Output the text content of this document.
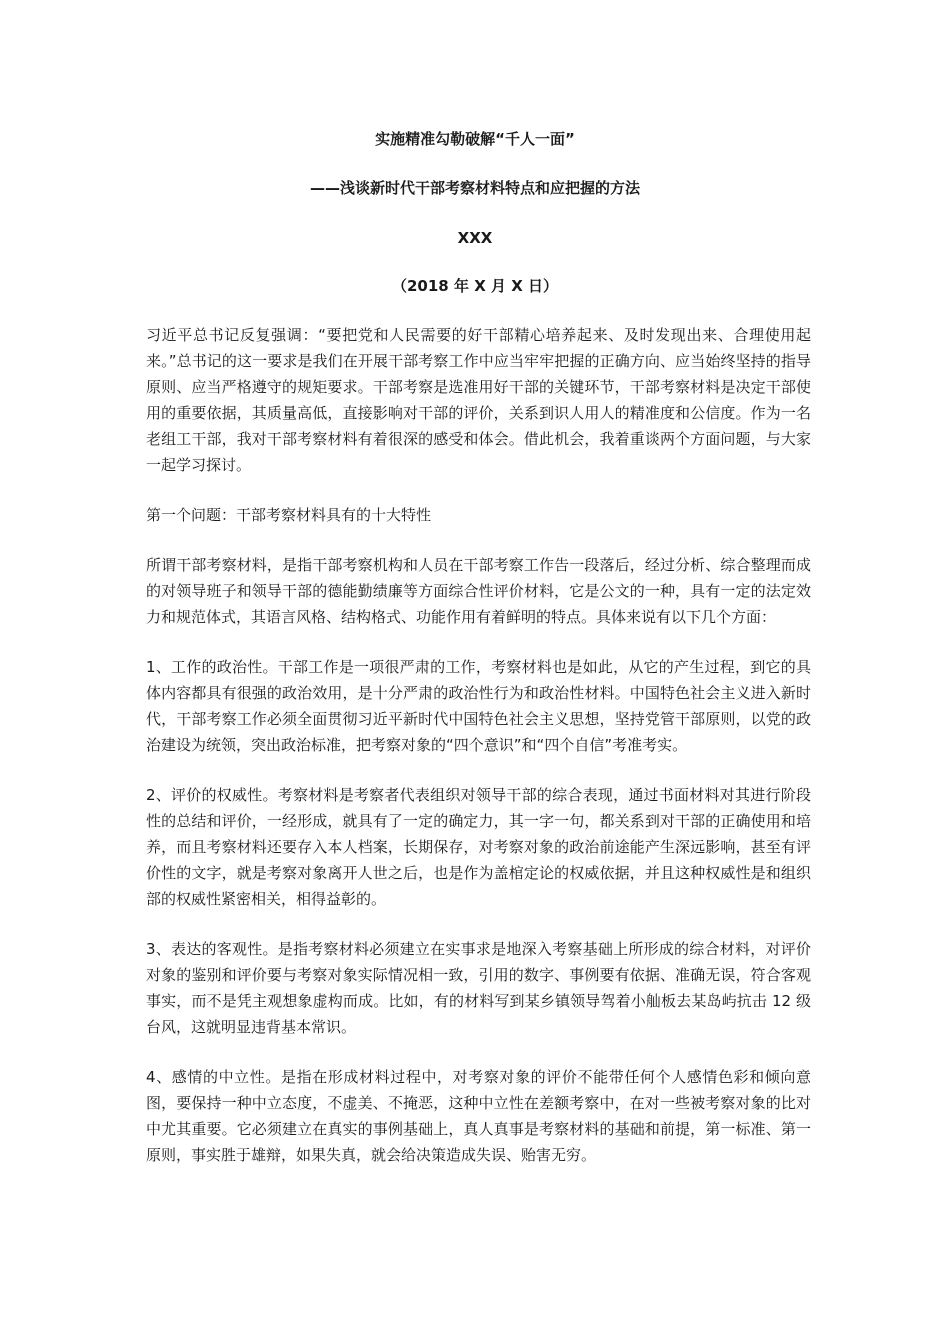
实施精准勾勒破解“千人一面”
——浅谈新时代干部考察材料特点和应把握的方法
XXX
（2018 年 X 月 X 日）

习近平总书记反复强调：“要把党和人民需要的好干部精心培养起来、及时发现出来、合理使用起来。”总书记的这一要求是我们在开展干部考察工作中应当牢牢把握的正确方向、应当始终坚持的指导原则、应当严格遵守的规矩要求。干部考察是选准用好干部的关键环节，干部考察材料是决定干部使用的重要依据，其质量高低，直接影响对干部的评价，关系到识人用人的精准度和公信度。作为一名老组工干部，我对干部考察材料有着很深的感受和体会。借此机会，我着重谈两个方面问题，与大家一起学习探讨。

第一个问题：干部考察材料具有的十大特性

所谓干部考察材料，是指干部考察机构和人员在干部考察工作告一段落后，经过分析、综合整理而成的对领导班子和领导干部的德能勤绩廉等方面综合性评价材料，它是公文的一种，具有一定的法定效力和规范体式，其语言风格、结构格式、功能作用有着鲜明的特点。具体来说有以下几个方面：

1、工作的政治性。干部工作是一项很严肃的工作，考察材料也是如此，从它的产生过程，到它的具体内容都具有很强的政治效用，是十分严肃的政治性行为和政治性材料。中国特色社会主义进入新时代，干部考察工作必须全面贯彻习近平新时代中国特色社会主义思想，坚持党管干部原则，以党的政治建设为统领，突出政治标准，把考察对象的“四个意识”和“四个自信”考准考实。

2、评价的权威性。考察材料是考察者代表组织对领导干部的综合表现，通过书面材料对其进行阶段性的总结和评价，一经形成，就具有了一定的确定力，其一字一句，都关系到对干部的正确使用和培养，而且考察材料还要存入本人档案，长期保存，对考察对象的政治前途能产生深远影响，甚至有评价性的文字，就是考察对象离开人世之后，也是作为盖棺定论的权威依据，并且这种权威性是和组织部的权威性紧密相关，相得益彰的。

3、表达的客观性。是指考察材料必须建立在实事求是地深入考察基础上所形成的综合材料，对评价对象的鉴别和评价要与考察对象实际情况相一致，引用的数字、事例要有依据、准确无误，符合客观事实，而不是凭主观想象虚构而成。比如，有的材料写到某乡镇领导驾着小舢板去某岛屿抗击 12 级台风，这就明显违背基本常识。

4、感情的中立性。是指在形成材料过程中，对考察对象的评价不能带任何个人感情色彩和倾向意图，要保持一种中立态度，不虚美、不掩恶，这种中立性在差额考察中，在对一些被考察对象的比对中尤其重要。它必须建立在真实的事例基础上，真人真事是考察材料的基础和前提，第一标准、第一原则，事实胜于雄辩，如果失真，就会给决策造成失误、贻害无穷。
